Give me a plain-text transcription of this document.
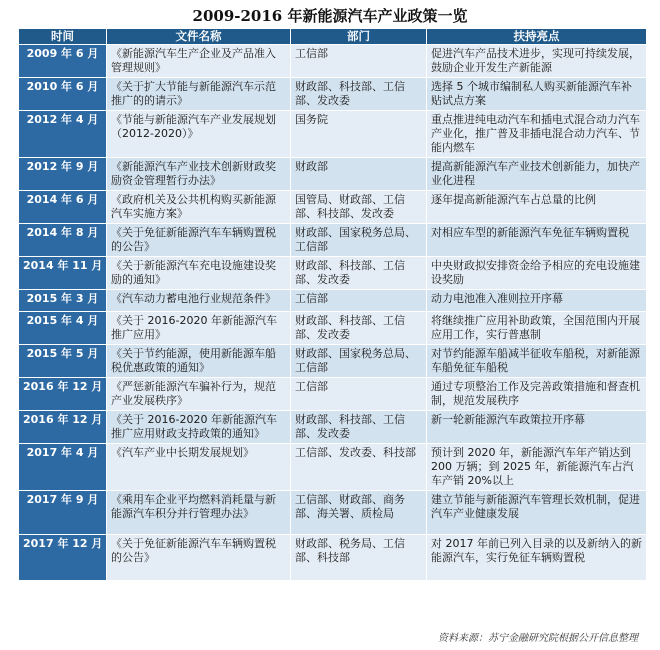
2009-2016 年新能源汽车产业政策一览
时间	文件名称	部门	扶持亮点
2009 年 6 月	《新能源汽车生产企业及产品准入管理规则》	工信部	促进汽车产品技术进步，实现可持续发展，鼓励企业开发生产新能源
2010 年 6 月	《关于扩大节能与新能源汽车示范推广的的请示》	财政部、科技部、工信部、发改委	选择 5 个城市编制私人购买新能源汽车补贴试点方案
2012 年 4 月	《节能与新能源汽车产业发展规划（2012-2020）》	国务院	重点推进纯电动汽车和插电式混合动力汽车产业化，推广普及非插电混合动力汽车、节能内燃车
2012 年 9 月	《新能源汽车产业技术创新财政奖励资金管理暂行办法》	财政部	提高新能源汽车产业技术创新能力，加快产业化进程
2014 年 6 月	《政府机关及公共机构购买新能源汽车实施方案》	国管局、财政部、工信部、科技部、发改委	逐年提高新能源汽车占总量的比例
2014 年 8 月	《关于免征新能源汽车车辆购置税的公告》	财政部、国家税务总局、工信部	对相应车型的新能源汽车免征车辆购置税
2014 年 11 月	《关于新能源汽车充电设施建设奖励的通知》	财政部、科技部、工信部、发改委	中央财政拟安排资金给予相应的充电设施建设奖励
2015 年 3 月	《汽车动力蓄电池行业规范条件》	工信部	动力电池准入准则拉开序幕
2015 年 4 月	《关于 2016-2020 年新能源汽车推广应用》	财政部、科技部、工信部、发改委	将继续推广应用补助政策，全国范围内开展应用工作，实行普惠制
2015 年 5 月	《关于节约能源，使用新能源车船税优惠政策的通知》	财政部、国家税务总局、工信部	对节约能源车船减半征收车船税，对新能源车船免征车船税
2016 年 12 月	《严惩新能源汽车骗补行为，规范产业发展秩序》	工信部	通过专项整治工作及完善政策措施和督查机制，规范发展秩序
2016 年 12 月	《关于 2016-2020 年新能源汽车推广应用财政支持政策的通知》	财政部、科技部、工信部、发改委	新一轮新能源汽车政策拉开序幕
2017 年 4 月	《汽车产业中长期发展规划》	工信部、发改委、科技部	预计到 2020 年，新能源汽车年产销达到 200 万辆；到 2025 年，新能源汽车占汽车产销 20%以上
2017 年 9 月	《乘用车企业平均燃料消耗量与新能源汽车积分并行管理办法》	工信部、财政部、商务部、海关署、质检局	建立节能与新能源汽车管理长效机制，促进汽车产业健康发展
2017 年 12 月	《关于免征新能源汽车车辆购置税的公告》	财政部、税务局、工信部、科技部	对 2017 年前已列入目录的以及新纳入的新能源汽车，实行免征车辆购置税
资料来源：苏宁金融研究院根据公开信息整理
